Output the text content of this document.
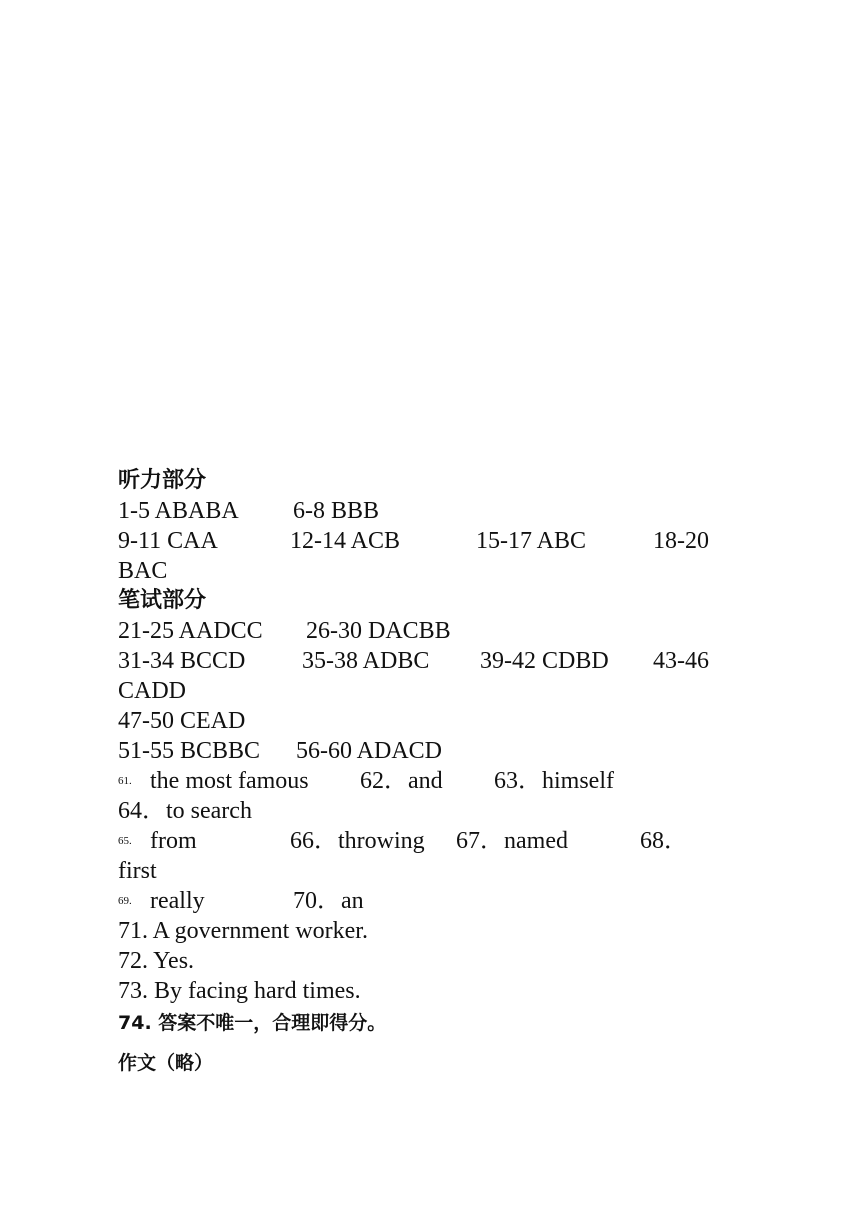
听力部分
1-5 ABABA 6-8 BBB
9-11 CAA	12-14 ACB	15-17 ABC	18-20
BAC
笔试部分
21-25 AADCC 26-30 DACBB
31-34 BCCD 35-38 ADBC 39-42 CDBD 43-46
CADD
47-50 CEAD
51-55 BCBBC 56-60 ADACD
61. the most famous 62．and 63．himself
64．to search
65. from	66．throwing 67．named	68．
first
69. really	70．an
71. A government worker.
72. Yes.
73. By facing hard times.
74. 答案不唯一，合理即得分。
作文（略）
